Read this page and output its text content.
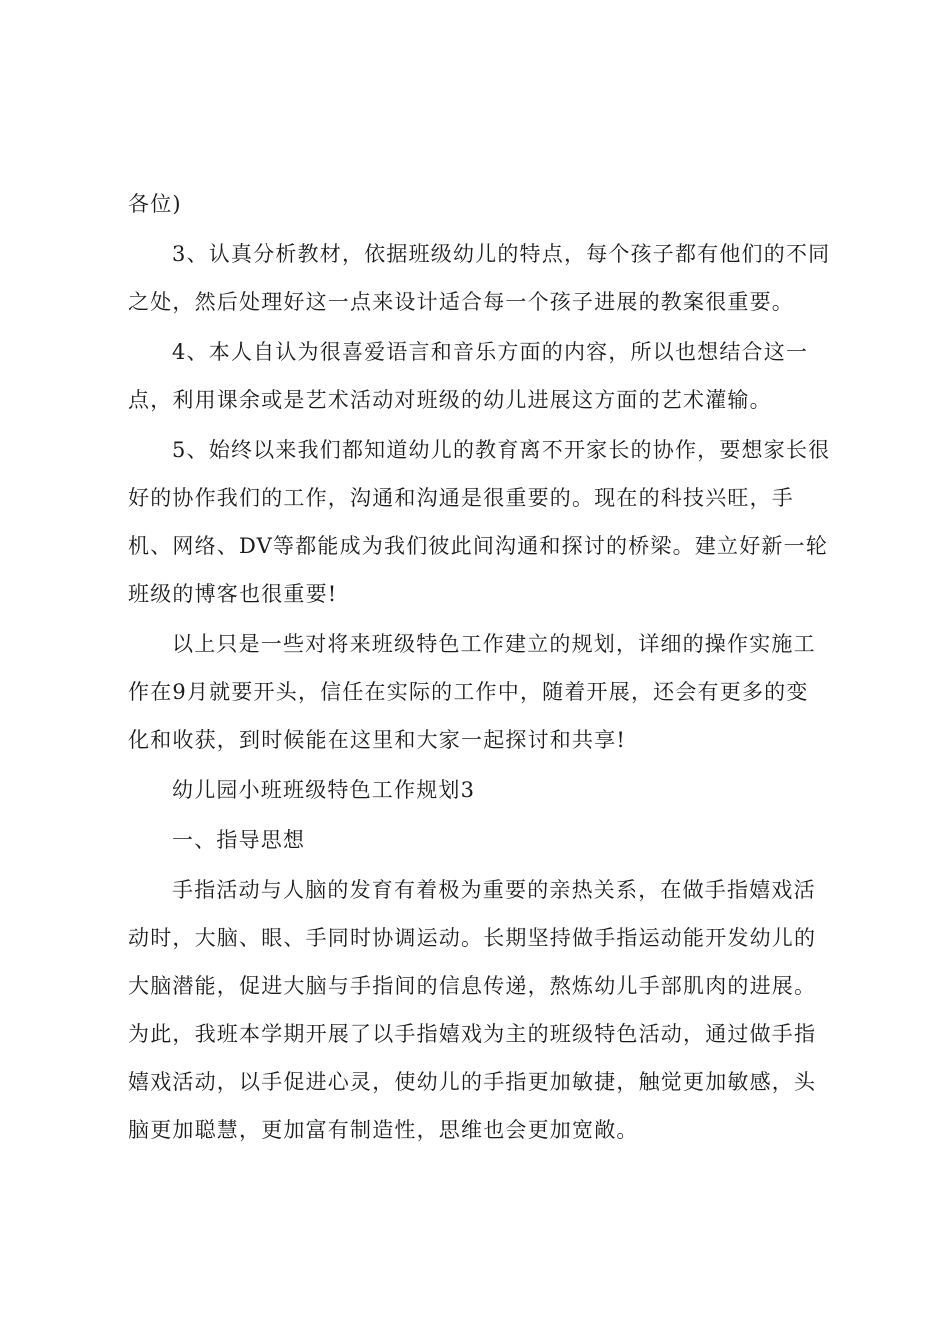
各位)

3、认真分析教材，依据班级幼儿的特点，每个孩子都有他们的不同

之处，然后处理好这一点来设计适合每一个孩子进展的教案很重要。

4、本人自认为很喜爱语言和音乐方面的内容，所以也想结合这一

点，利用课余或是艺术活动对班级的幼儿进展这方面的艺术灌输。

5、始终以来我们都知道幼儿的教育离不开家长的协作，要想家长很

好的协作我们的工作，沟通和沟通是很重要的。现在的科技兴旺，手

机、网络、DV等都能成为我们彼此间沟通和探讨的桥梁。建立好新一轮

班级的博客也很重要!

以上只是一些对将来班级特色工作建立的规划，详细的操作实施工

作在9月就要开头，信任在实际的工作中，随着开展，还会有更多的变

化和收获，到时候能在这里和大家一起探讨和共享!

幼儿园小班班级特色工作规划3

一、指导思想

手指活动与人脑的发育有着极为重要的亲热关系，在做手指嬉戏活

动时，大脑、眼、手同时协调运动。长期坚持做手指运动能开发幼儿的

大脑潜能，促进大脑与手指间的信息传递，熬炼幼儿手部肌肉的进展。

为此，我班本学期开展了以手指嬉戏为主的班级特色活动，通过做手指

嬉戏活动，以手促进心灵，使幼儿的手指更加敏捷，触觉更加敏感，头

脑更加聪慧，更加富有制造性，思维也会更加宽敞。
